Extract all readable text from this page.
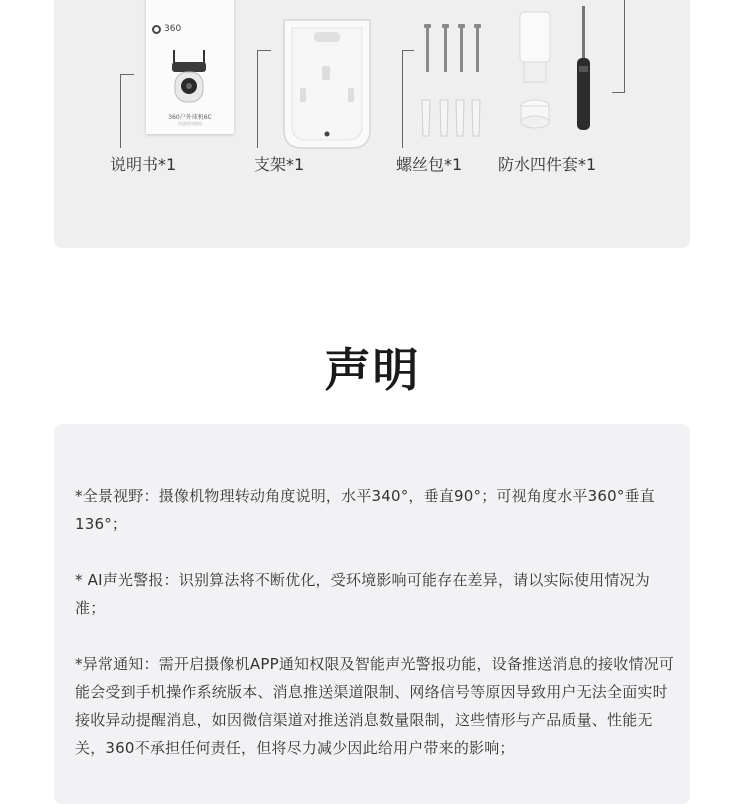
360
360户外球机6C
快速使用指南
说明书*1	支架*1	螺丝包*1 防水四件套*1
声明

*全景视野：摄像机物理转动角度说明，水平340°，垂直90°；可视角度水平360°垂直136°；

* AI声光警报：识别算法将不断优化，受环境影响可能存在差异，请以实际使用情况为准；

*异常通知：需开启摄像机APP通知权限及智能声光警报功能，设备推送消息的接收情况可能会受到手机操作系统版本、消息推送渠道限制、网络信号等原因导致用户无法全面实时接收异动提醒消息，如因微信渠道对推送消息数量限制，这些情形与产品质量、性能无关，360不承担任何责任，但将尽力减少因此给用户带来的影响；
